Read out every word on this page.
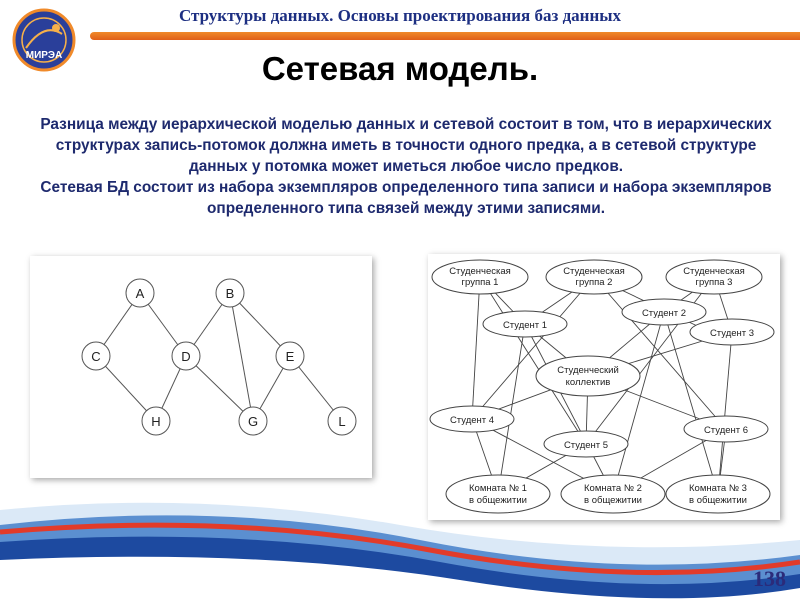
МИРЭА
Структуры данных. Основы проектирования баз данных
Сетевая модель.

Разница между иерархической моделью данных и сетевой состоит в том, что в иерархических структурах запись-потомок должна иметь в точности одного предка, а в сетевой структуре данных у потомка может иметься любое число предков.

Сетевая БД состоит из набора экземпляров определенного типа записи и набора экземпляров определенного типа связей между этими записями.

A	B
C	D	E
H	G	L
Студенческая
группа 1
Студенческая
группа 2
Студенческая
группа 3
Студент 1
Студент 2
Студент 3
Студент 4
Студент 5
Студент 6
Студенческий
коллектив
Комната № 1
в общежитии
Комната № 2
в общежитии
Комната № 3
в общежитии
138
